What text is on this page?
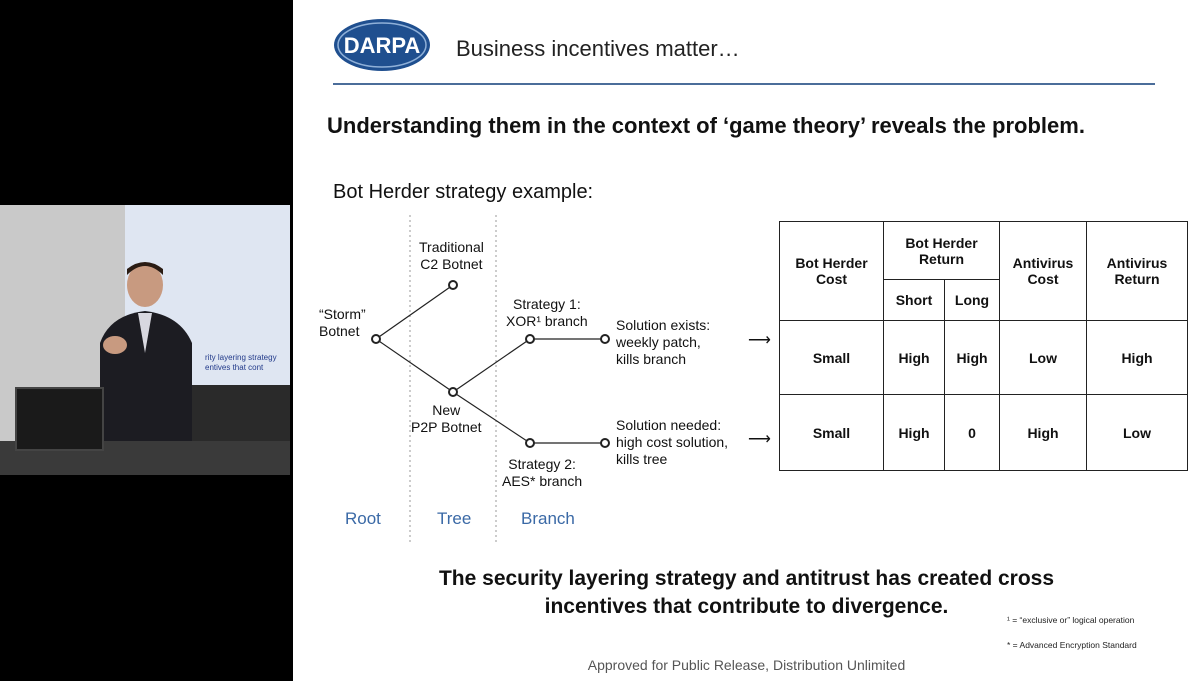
rity layering strategy
entives that cont
DARPA Business incentives matter…
Understanding them in the context of ‘game theory’ reveals the problem.
Bot Herder strategy example:
“Storm”
Botnet
Traditional
C2 Botnet
New
P2P Botnet
Strategy 1:
XOR¹ branch
Strategy 2:
AES* branch
Solution exists:
weekly patch,
kills branch
Solution needed:
high cost solution,
kills tree
Root	Tree	Branch
⟶
⟶
Bot Herder Cost	Bot Herder Return		Antivirus Cost	Antivirus Return
	Short	Long		
Small	High	High	Low	High
Small	High	0	High	Low
The security layering strategy and antitrust has created cross
incentives that contribute to divergence.
¹ = “exclusive or” logical operation
* = Advanced Encryption Standard
Approved for Public Release, Distribution Unlimited
